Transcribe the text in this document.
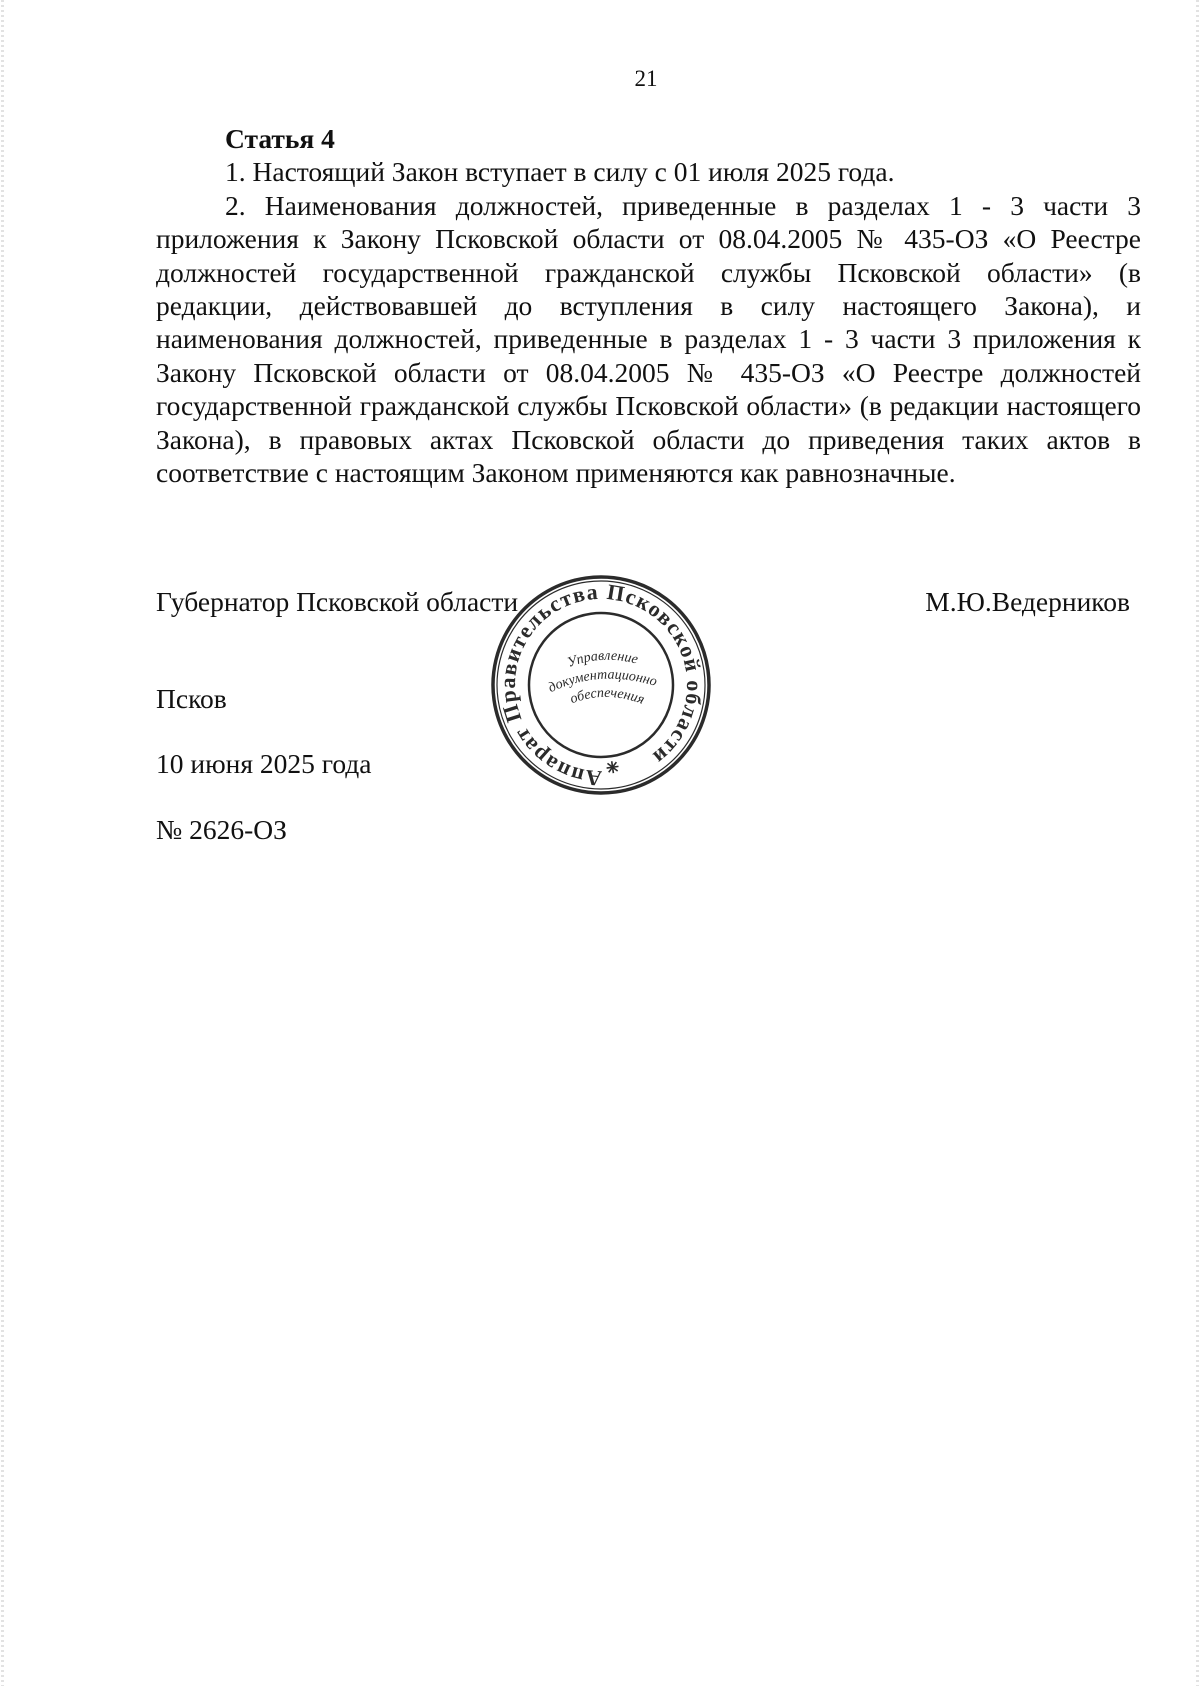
21
Статья 4

1. Настоящий Закон вступает в силу с 01 июля 2025 года.

2. Наименования должностей, приведенные в разделах 1 - 3 части 3 приложения к Закону Псковской области от 08.04.2005 № 435-ОЗ «О Реестре должностей государственной гражданской службы Псковской области» (в редакции, действовавшей до вступления в силу настоящего Закона), и наименования должностей, приведенные в разделах 1 - 3 части 3 приложения к Закону Псковской области от 08.04.2005 № 435-ОЗ «О Реестре должностей государственной гражданской службы Псковской области» (в редакции настоящего Закона), в правовых актах Псковской области до приведения таких актов в соответствие с настоящим Законом применяются как равнозначные.

Губернатор Псковской области	М.Ю.Ведерников
Псков
10 июня 2025 года
№ 2626-ОЗ
Аппарат Правительства Псковской области
Управление
документационного
обеспечения
